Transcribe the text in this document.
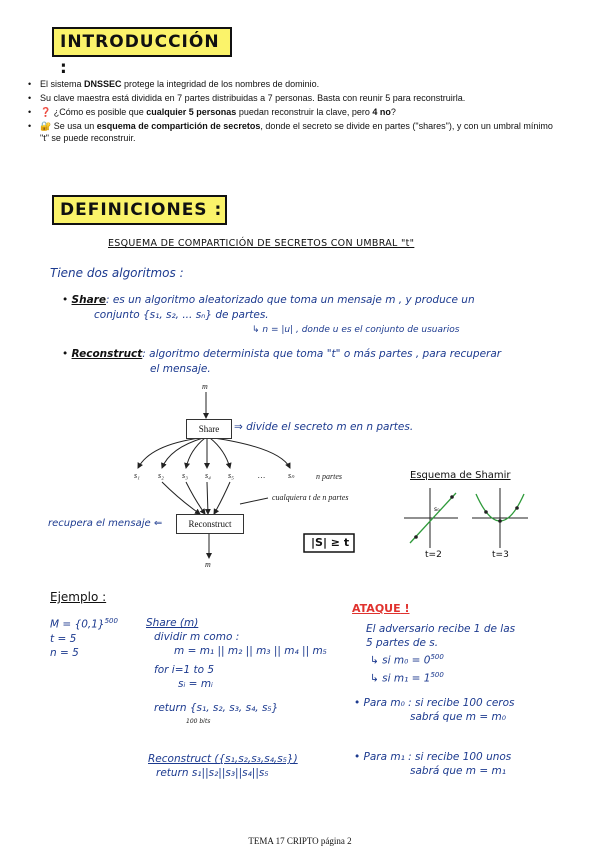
INTRODUCCIÓN :
• El sistema DNSSEC protege la integridad de los nombres de dominio.
• Su clave maestra está dividida en 7 partes distribuidas a 7 personas. Basta con reunir 5 para reconstruirla.
• ❓ ¿Cómo es posible que cualquier 5 personas puedan reconstruir la clave, pero 4 no?
• 🔐 Se usa un esquema de compartición de secretos, donde el secreto se divide en partes ("shares"), y con un umbral mínimo "t" se puede reconstruir.
DEFINICIONES :
ESQUEMA DE COMPARTICIÓN DE SECRETOS CON UMBRAL "t"
Tiene dos algoritmos :
• Share: es un algoritmo aleatorizado que toma un mensaje m , y produce un
conjunto {s₁, s₂, ... sₙ} de partes.
↳ n = |u| , donde u es el conjunto de usuarios
• Reconstruct: algoritmo determinista que toma "t" o más partes , para recuperar
el mensaje.
m
Share	⇒ divide el secreto m en n partes.
s₁ s₂ s₃ s₄ s₅	…	sₙ	n partes
cualquiera t de n partes
Reconstruct
recupera el mensaje ⇐
m
|S| ≥ t
Esquema de Shamir
t=2	t=3
s₀
Ejemplo :
$M = \{0,1\}^{500}$
t = 5
n = 5
Share (m)
dividir m como :
m = m₁ || m₂ || m₃ || m₄ || m₅
for i=1 to 5
sᵢ = mᵢ
return {s₁, s₂, s₃, s₄, s₅}
100 bits
Reconstruct ({s₁,s₂,s₃,s₄,s₅})
return s₁||s₂||s₃||s₄||s₅
ATAQUE !
El adversario recibe 1 de las
5 partes de s.
↳ si $m_0 = 0^{500}$
↳ si $m_1 = 1^{500}$
• Para m₀ : si recibe 100 ceros
sabrá que m = m₀
• Para m₁ : si recibe 100 unos
sabrá que m = m₁
TEMA 17 CRIPTO página 2
